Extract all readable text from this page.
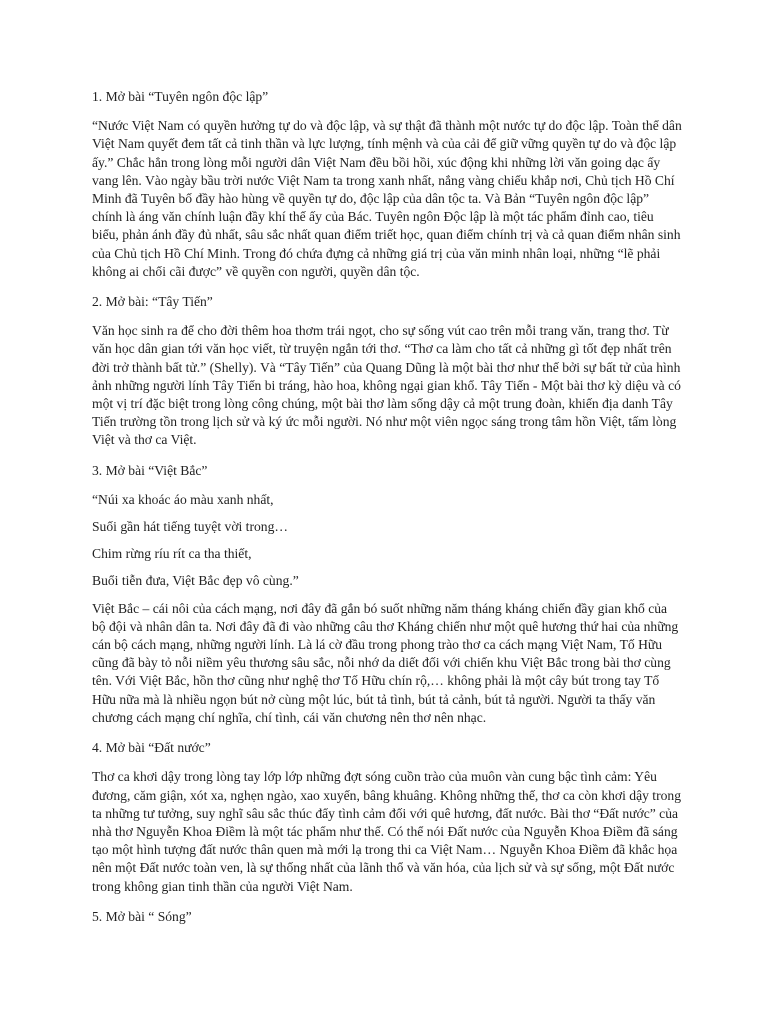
1. Mở bài “Tuyên ngôn độc lập”
“Nước Việt Nam có quyền hưởng tự do và độc lập, và sự thật đã thành một nước tự do độc lập. Toàn thể dân Việt Nam quyết đem tất cả tinh thần và lực lượng, tính mệnh và của cải để giữ vững quyền tự do và độc lập ấy.” Chắc hẳn trong lòng mỗi người dân Việt Nam đều bồi hồi, xúc động khi những lời văn going dạc ấy vang lên. Vào ngày bầu trời nước Việt Nam ta trong xanh nhất, nắng vàng chiếu khắp nơi, Chủ tịch Hồ Chí Minh đã Tuyên bố đầy hào hùng về quyền tự do, độc lập của dân tộc ta. Và Bản “Tuyên ngôn độc lập” chính là áng văn chính luận đầy khí thế ấy của Bác. Tuyên ngôn Độc lập là một tác phẩm đỉnh cao, tiêu biểu, phản ánh đầy đủ nhất, sâu sắc nhất quan điểm triết học, quan điểm chính trị và cả quan điểm nhân sinh của Chủ tịch Hồ Chí Minh. Trong đó chứa đựng cả những giá trị của văn minh nhân loại, những “lẽ phải không ai chối cãi được” về quyền con người, quyền dân tộc.
2. Mở bài: “Tây Tiến”
Văn học sinh ra để cho đời thêm hoa thơm trái ngọt, cho sự sống vút cao trên mỗi trang văn, trang thơ. Từ văn học dân gian tới văn học viết, từ truyện ngắn tới thơ. “Thơ ca làm cho tất cả những gì tốt đẹp nhất trên đời trở thành bất tử.” (Shelly). Và “Tây Tiến” của Quang Dũng là một bài thơ như thế bởi sự bất tử của hình ảnh những người lính Tây Tiến bi tráng, hào hoa, không ngại gian khổ. Tây Tiến - Một bài thơ kỳ diệu và có một vị trí đặc biệt trong lòng công chúng, một bài thơ làm sống dậy cả một trung đoàn, khiến địa danh Tây Tiến trường tồn trong lịch sử và ký ức mỗi người. Nó như một viên ngọc sáng trong tâm hồn Việt, tấm lòng Việt và thơ ca Việt.
3. Mở bài “Việt Bắc”
“Núi xa khoác áo màu xanh nhất,
Suối gần hát tiếng tuyệt vời trong…
Chim rừng ríu rít ca tha thiết,
Buổi tiễn đưa, Việt Bắc đẹp vô cùng.”
Việt Bắc – cái nôi của cách mạng, nơi đây đã gắn bó suốt những năm tháng kháng chiến đầy gian khổ của bộ đội và nhân dân ta. Nơi đây đã đi vào những câu thơ Kháng chiến như một quê hương thứ hai của những cán bộ cách mạng, những người lính. Là lá cờ đầu trong phong trào thơ ca cách mạng Việt Nam, Tố Hữu cũng đã bày tỏ nỗi niềm yêu thương sâu sắc, nỗi nhớ da diết đối với chiến khu Việt Bắc trong bài thơ cùng tên. Với Việt Bắc, hồn thơ cũng như nghệ thơ Tố Hữu chín rộ,… không phải là một cây bút trong tay Tố Hữu nữa mà là nhiều ngọn bút nở cùng một lúc, bút tả tình, bút tả cảnh, bút tả người. Người ta thấy văn chương cách mạng chí nghĩa, chí tình, cái văn chương nên thơ nên nhạc.
4. Mở bài “Đất nước”
Thơ ca khơi dậy trong lòng tay lớp lớp những đợt sóng cuồn trào của muôn vàn cung bậc tình cảm: Yêu đương, căm giận, xót xa, nghẹn ngào, xao xuyến, bâng khuâng. Không những thế, thơ ca còn khơi dậy trong ta những tư tưởng, suy nghĩ sâu sắc thúc đẩy tình cảm đối với quê hương, đất nước. Bài thơ “Đất nước” của nhà thơ Nguyễn Khoa Điềm là một tác phẩm như thế. Có thể nói Đất nước của Nguyễn Khoa Điềm đã sáng tạo một hình tượng đất nước thân quen mà mới lạ trong thi ca Việt Nam… Nguyễn Khoa Điềm đã khắc họa nên một Đất nước toàn ven, là sự thống nhất của lãnh thổ và văn hóa, của lịch sử và sự sống, một Đất nước trong không gian tinh thần của người Việt Nam.
5. Mở bài “ Sóng”
